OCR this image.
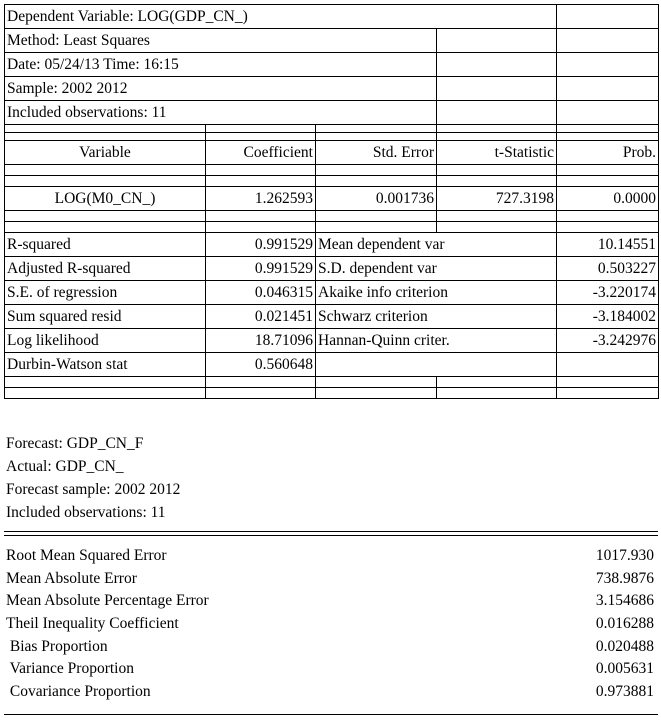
Dependent Variable: LOG(GDP_CN_)				
Method: Least Squares				
Date: 05/24/13 Time: 16:15				
Sample: 2002 2012				
Included observations: 11				

Variable	Coefficient	Std. Error	t-Statistic	Prob.

LOG(M0_CN_)	1.262593	0.001736	727.3198	0.0000

R-squared	0.991529	Mean dependent var		10.14551
Adjusted R-squared	0.991529	S.D. dependent var		0.503227
S.E. of regression	0.046315	Akaike info criterion		-3.220174
Sum squared resid	0.021451	Schwarz criterion		-3.184002
Log likelihood	18.71096	Hannan-Quinn criter.		-3.242976
Durbin-Watson stat	0.560648			

Forecast: GDP_CN_F
Actual: GDP_CN_
Forecast sample: 2002 2012
Included observations: 11
Root Mean Squared Error	1017.930
Mean Absolute Error	738.9876
Mean Absolute Percentage Error	3.154686
Theil Inequality Coefficient	0.016288
Bias Proportion	0.020488
Variance Proportion	0.005631
Covariance Proportion	0.973881
